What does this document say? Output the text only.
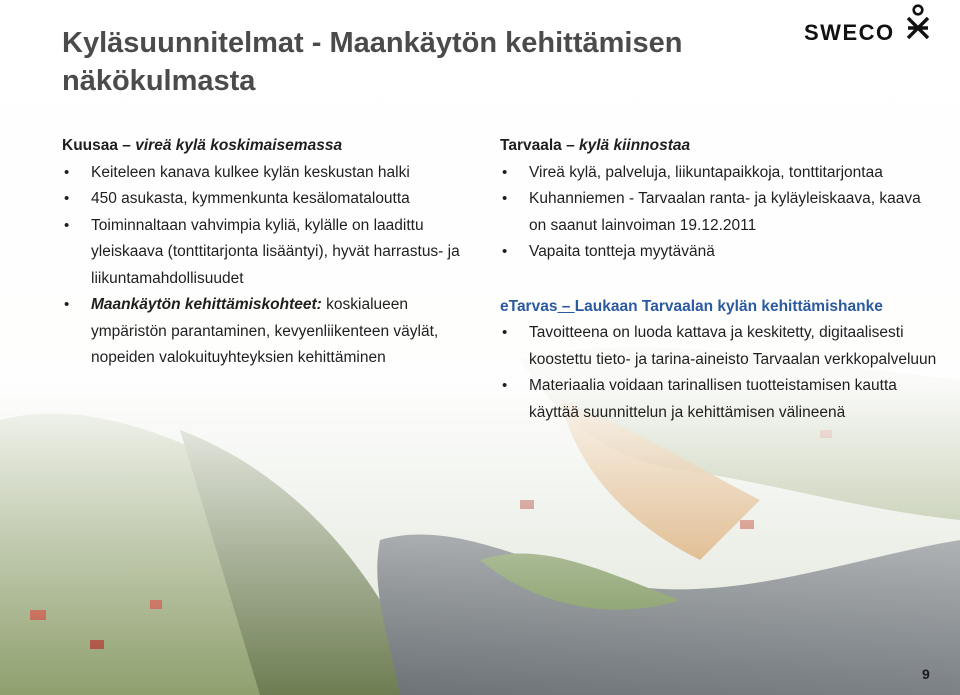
Kyläsuunnitelmat - Maankäytön kehittämisen näkökulmasta
SWECO

Kuusaa – vireä kylä koskimaisemassa

• Keiteleen kanava kulkee kylän keskustan halki
• 450 asukasta, kymmenkunta kesälomataloutta
• Toiminnaltaan vahvimpia kyliä, kylälle on laadittu yleiskaava (tonttitarjonta lisääntyi), hyvät harrastus- ja liikuntamahdollisuudet
• Maankäytön kehittämiskohteet: koskialueen ympäristön parantaminen, kevyenliikenteen väylät, nopeiden valokuituyhteyksien kehittäminen

Tarvaala – kylä kiinnostaa

• Vireä kylä, palveluja, liikuntapaikkoja, tonttitarjontaa
• Kuhanniemen - Tarvaalan ranta- ja kyläyleiskaava, kaava on saanut lainvoiman 19.12.2011
• Vapaita tontteja myytävänä

eTarvas – Laukaan Tarvaalan kylän kehittämishanke

• Tavoitteena on luoda kattava ja keskitetty, digitaalisesti koostettu tieto- ja tarina-aineisto Tarvaalan verkkopalveluun
• Materiaalia voidaan tarinallisen tuotteistamisen kautta käyttää suunnittelun ja kehittämisen välineenä
9
